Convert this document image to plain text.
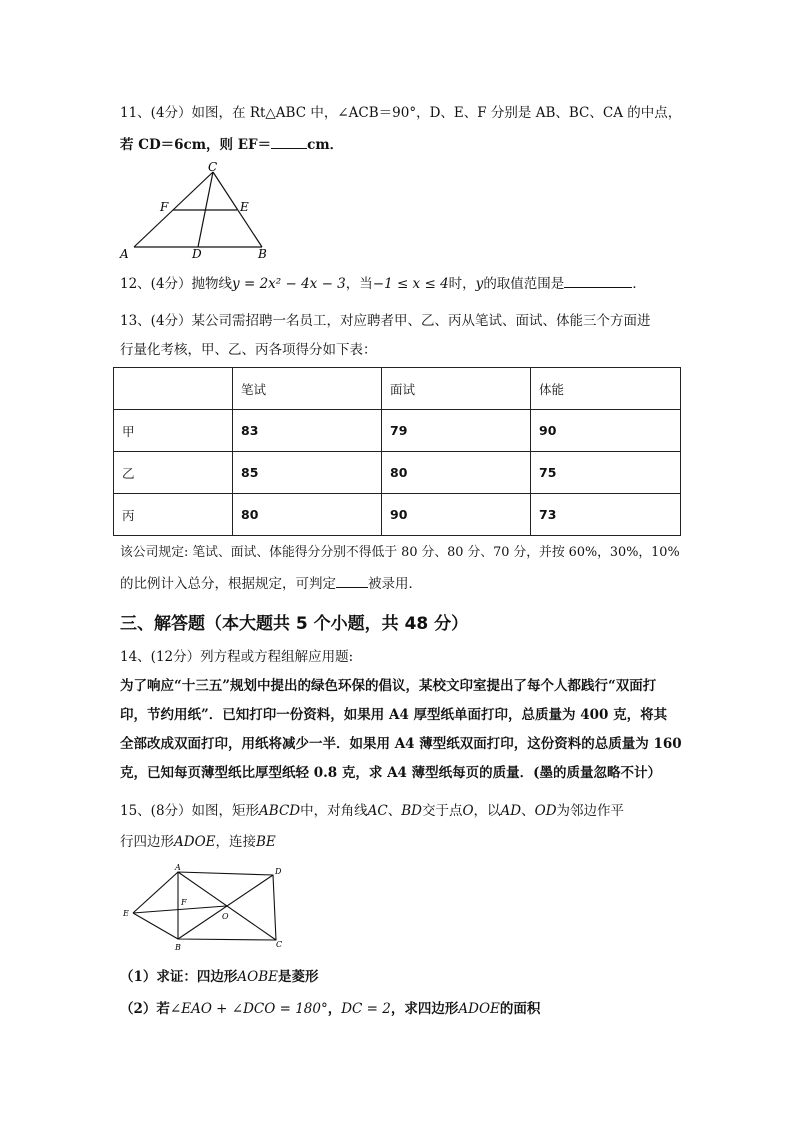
11、(4分）如图，在 Rt△ABC 中，∠ACB＝90°，D、E、F 分别是 AB、BC、CA 的中点，
若 CD＝6cm，则 EF＝	cm．
C
F	E
A	D	B
12、(4分）抛物线y = 2x² − 4x − 3，当−1 ≤ x ≤ 4时，y的取值范围是	．
13、(4分）某公司需招聘一名员工，对应聘者甲、乙、丙从笔试、面试、体能三个方面进
行量化考核，甲、乙、丙各项得分如下表：
	笔试	面试	体能
甲	83	79	90
乙	85	80	75
丙	80	90	73
该公司规定: 笔试、面试、体能得分分别不得低于 80 分、80 分、70 分，并按 60%，30%，10%
的比例计入总分，根据规定，可判定 被录用．
三、解答题（本大题共 5 个小题，共 48 分）
14、(12分）列方程或方程组解应用题:
为了响应“十三五”规划中提出的绿色环保的倡议，某校文印室提出了每个人都践行“双面打
印，节约用纸”．已知打印一份资料，如果用 A4 厚型纸单面打印，总质量为 400 克，将其
全部改成双面打印，用纸将减少一半．如果用 A4 薄型纸双面打印，这份资料的总质量为 160
克，已知每页薄型纸比厚型纸轻 0.8 克，求 A4 薄型纸每页的质量．(墨的质量忽略不计）
15、(8分）如图，矩形ABCD中，对角线AC、BD交于点O，以AD、OD为邻边作平
行四边形ADOE，连接BE
A	D
E
F
O
B	C
（1）求证：四边形AOBE是菱形
（2）若∠EAO + ∠DCO = 180°，DC = 2，求四边形ADOE的面积
